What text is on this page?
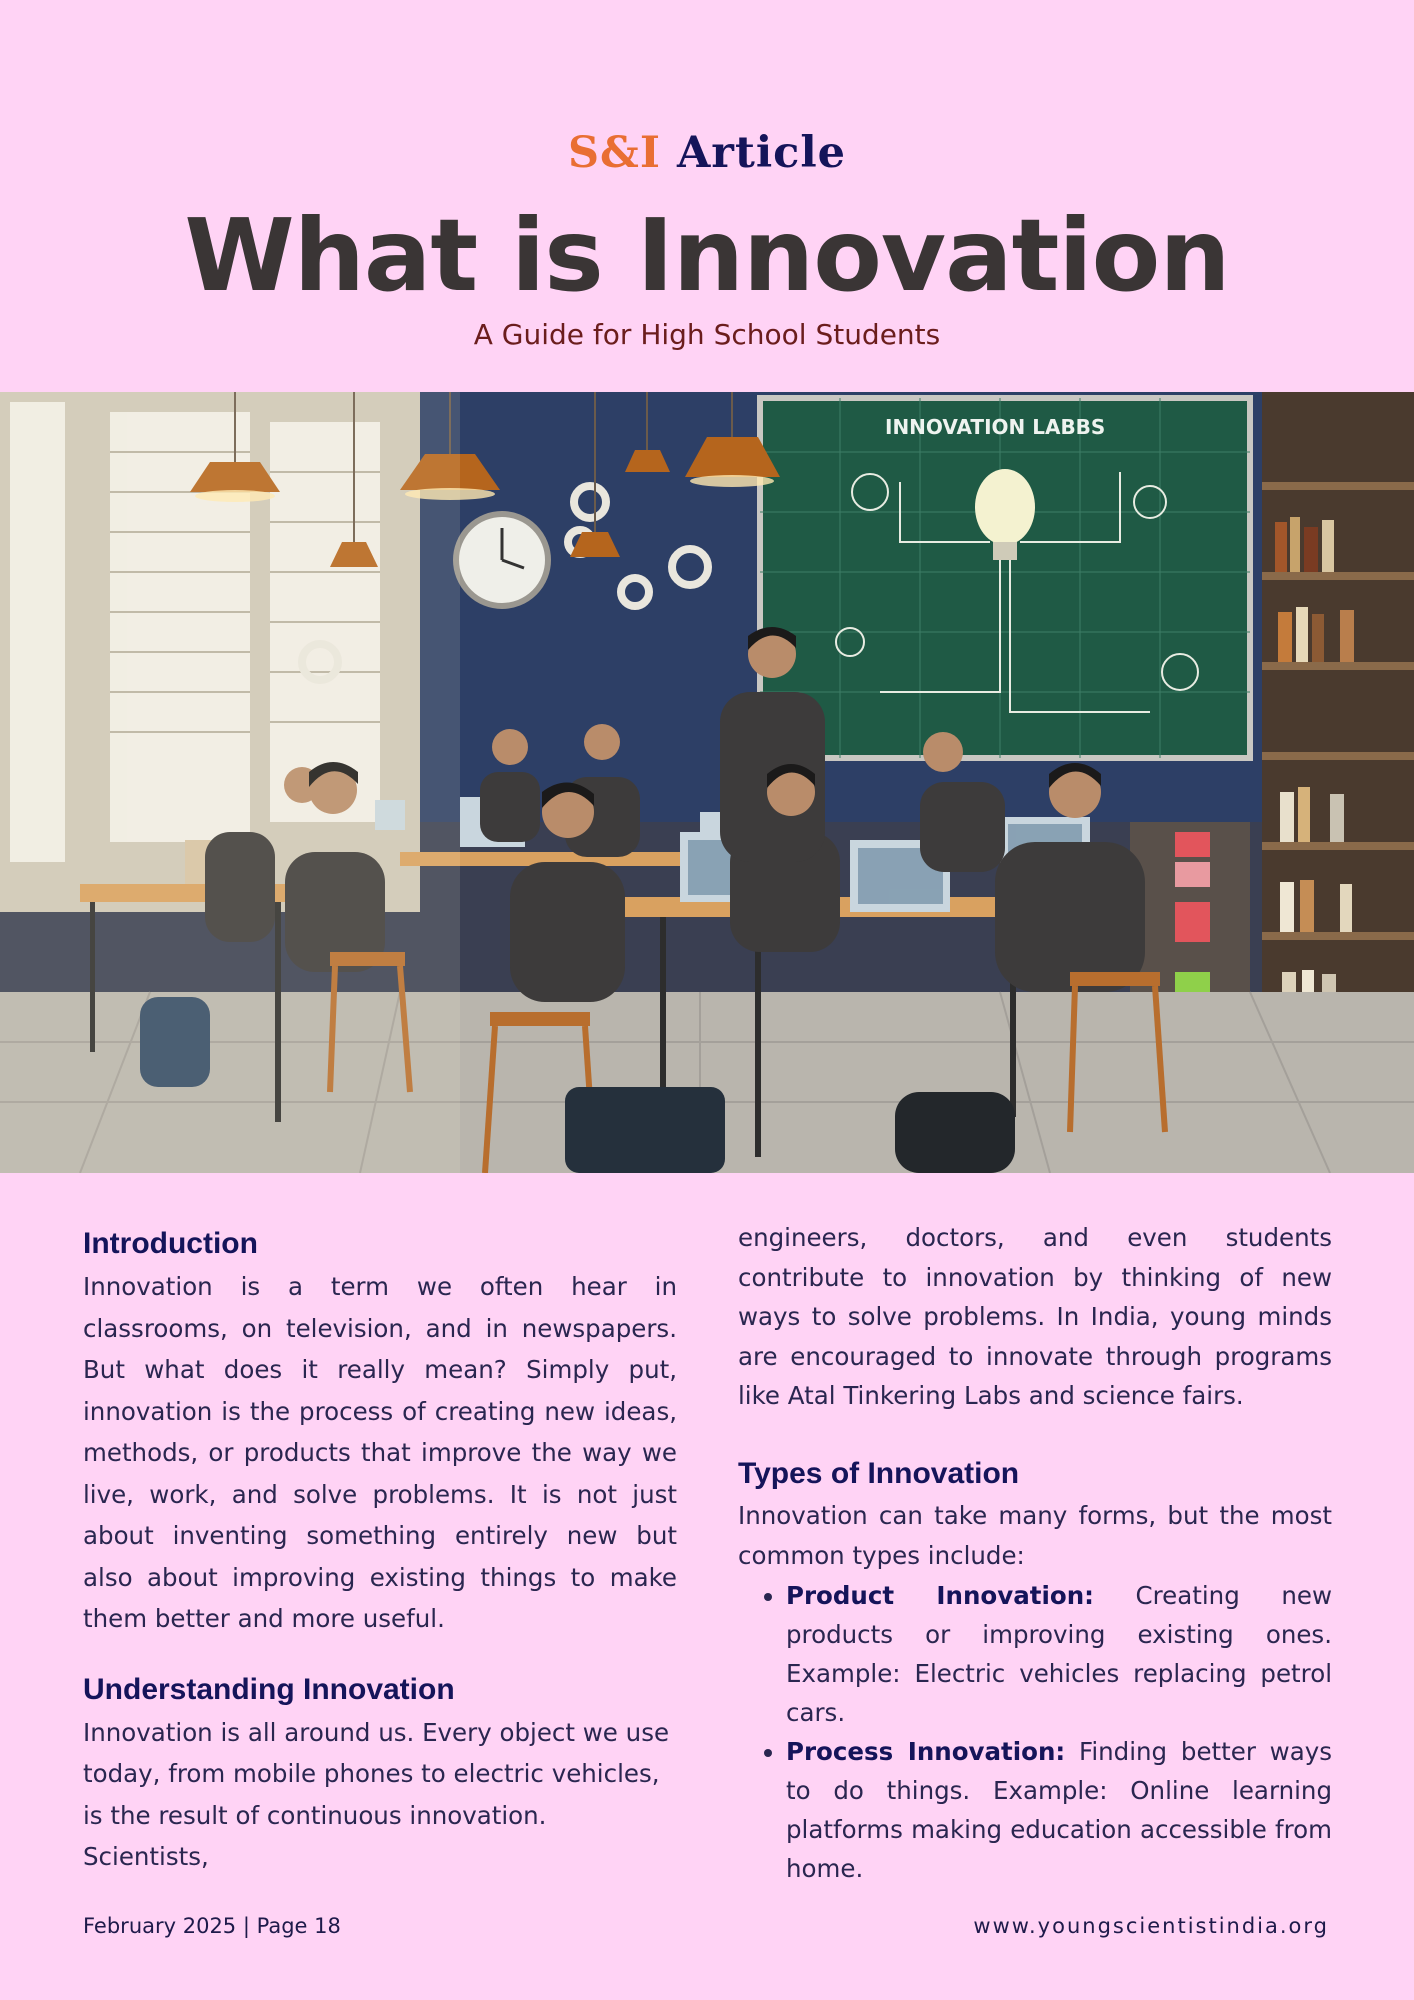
S&I Article
What is Innovation
A Guide for High School Students
INNOVATION LABBS
Introduction

Innovation is a term we often hear in classrooms, on television, and in newspapers. But what does it really mean? Simply put, innovation is the process of creating new ideas, methods, or products that improve the way we live, work, and solve problems. It is not just about inventing something entirely new but also about improving existing things to make them better and more useful.

Understanding Innovation

Innovation is all around us. Every object we use today, from mobile phones to electric vehicles, is the result of continuous innovation. Scientists,

engineers, doctors, and even students contribute to innovation by thinking of new ways to solve problems. In India, young minds are encouraged to innovate through programs like Atal Tinkering Labs and science fairs.

Types of Innovation

Innovation can take many forms, but the most common types include:

• Product Innovation: Creating new products or improving existing ones. Example: Electric vehicles replacing petrol cars.
• Process Innovation: Finding better ways to do things. Example: Online learning platforms making education accessible from home.
February 2025 | Page 18	www.youngscientistindia.org
